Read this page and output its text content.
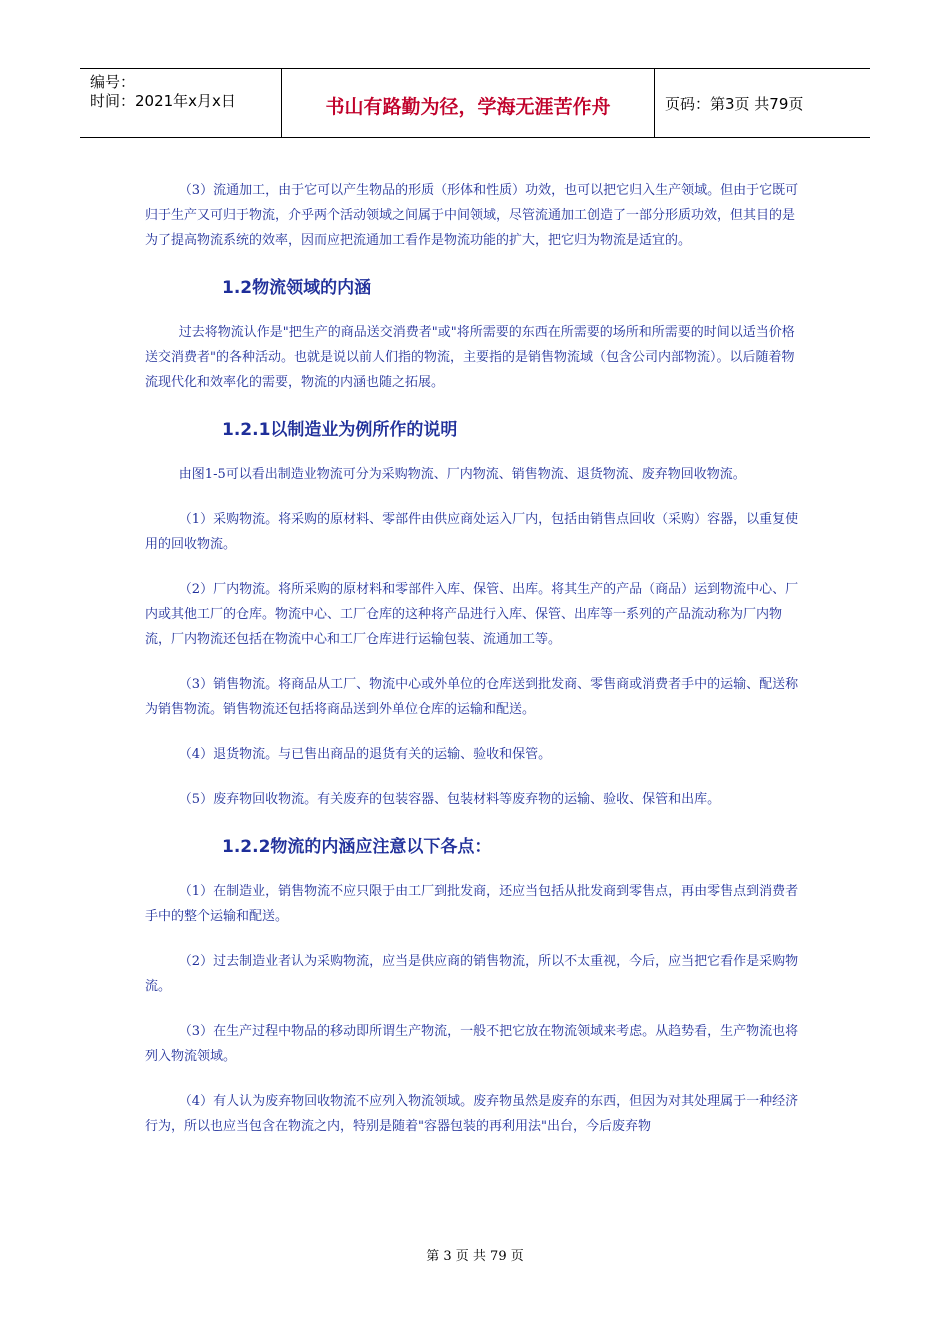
编号：
时间：2021年x月x日	书山有路勤为径，学海无涯苦作舟	页码：第3页 共79页

（3）流通加工，由于它可以产生物品的形质（形体和性质）功效，也可以把它归入生产领域。但由于它既可归于生产又可归于物流，介乎两个活动领域之间属于中间领域，尽管流通加工创造了一部分形质功效，但其目的是为了提高物流系统的效率，因而应把流通加工看作是物流功能的扩大，把它归为物流是适宜的。

1.2物流领域的内涵

过去将物流认作是"把生产的商品送交消费者"或"将所需要的东西在所需要的场所和所需要的时间以适当价格送交消费者"的各种活动。也就是说以前人们指的物流，主要指的是销售物流域（包含公司内部物流）。以后随着物流现代化和效率化的需要，物流的内涵也随之拓展。

1.2.1以制造业为例所作的说明

由图1-5可以看出制造业物流可分为采购物流、厂内物流、销售物流、退货物流、废弃物回收物流。

（1）采购物流。将采购的原材料、零部件由供应商处运入厂内，包括由销售点回收（采购）容器，以重复使用的回收物流。

（2）厂内物流。将所采购的原材料和零部件入库、保管、出库。将其生产的产品（商品）运到物流中心、厂内或其他工厂的仓库。物流中心、工厂仓库的这种将产品进行入库、保管、出库等一系列的产品流动称为厂内物流，厂内物流还包括在物流中心和工厂仓库进行运输包装、流通加工等。

（3）销售物流。将商品从工厂、物流中心或外单位的仓库送到批发商、零售商或消费者手中的运输、配送称为销售物流。销售物流还包括将商品送到外单位仓库的运输和配送。

（4）退货物流。与已售出商品的退货有关的运输、验收和保管。

（5）废弃物回收物流。有关废弃的包装容器、包装材料等废弃物的运输、验收、保管和出库。

1.2.2物流的内涵应注意以下各点：

（1）在制造业，销售物流不应只限于由工厂到批发商，还应当包括从批发商到零售点，再由零售点到消费者手中的整个运输和配送。

（2）过去制造业者认为采购物流，应当是供应商的销售物流，所以不太重视，今后，应当把它看作是采购物流。

（3）在生产过程中物品的移动即所谓生产物流，一般不把它放在物流领域来考虑。从趋势看，生产物流也将列入物流领域。

（4）有人认为废弃物回收物流不应列入物流领域。废弃物虽然是废弃的东西，但因为对其处理属于一种经济行为，所以也应当包含在物流之内，特别是随着"容器包装的再利用法"出台，今后废弃物

第 3 页 共 79 页
